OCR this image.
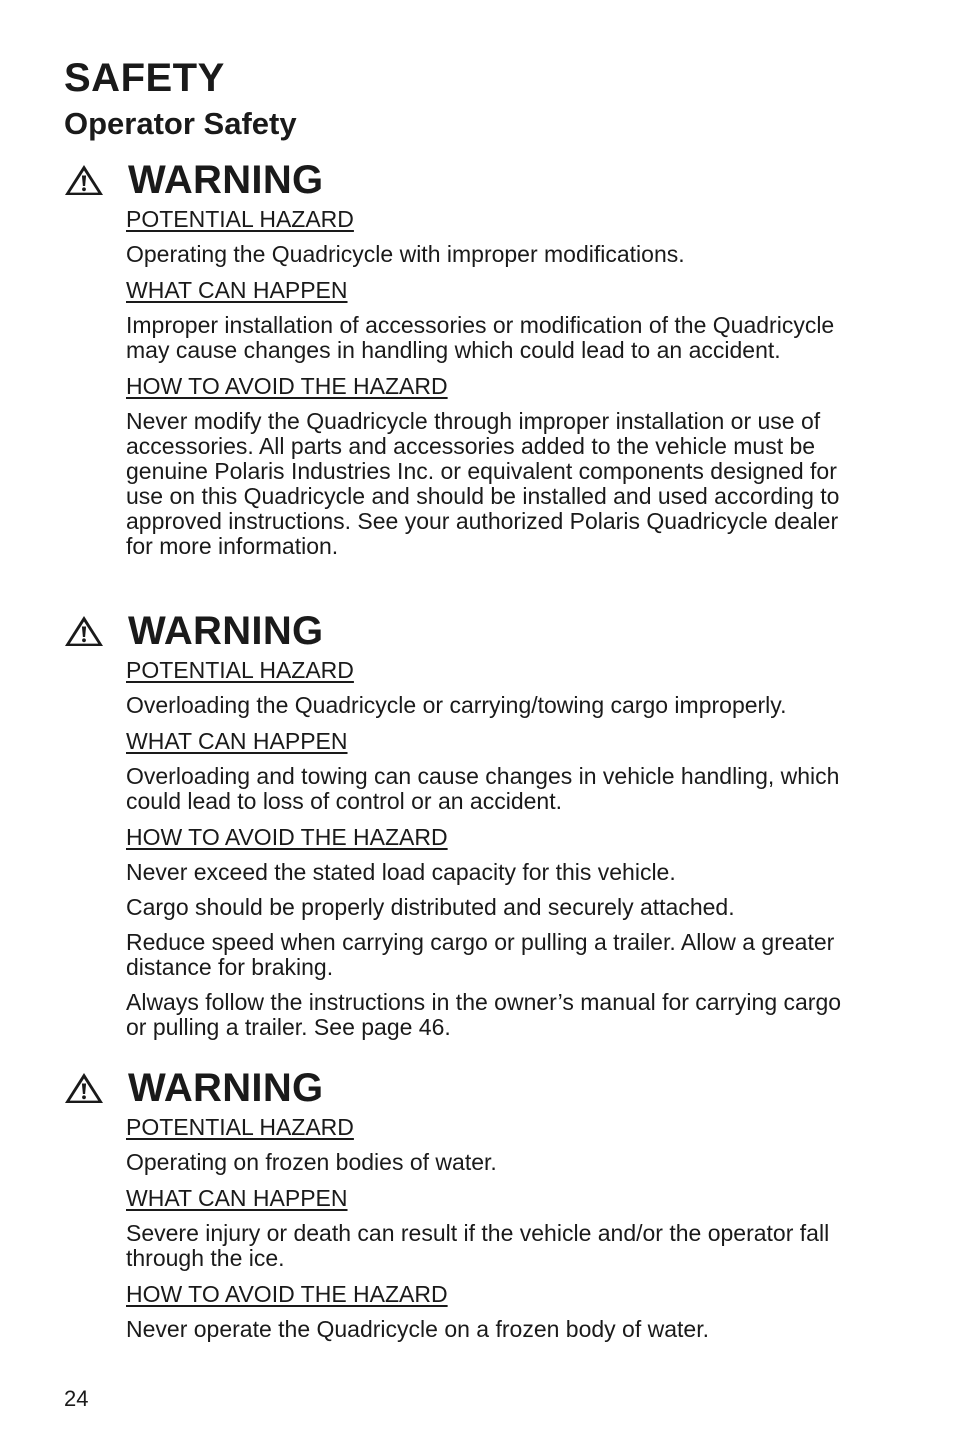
SAFETY
Operator Safety
WARNING

POTENTIAL HAZARD

Operating the Quadricycle with improper modifications.

WHAT CAN HAPPEN

Improper installation of accessories or modification of the Quadricycle may cause changes in handling which could lead to an accident.

HOW TO AVOID THE HAZARD

Never modify the Quadricycle through improper installation or use of accessories. All parts and accessories added to the vehicle must be genuine Polaris Industries Inc. or equivalent components designed for use on this Quadricycle and should be installed and used according to approved instructions. See your authorized Polaris Quadricycle dealer for more information.

WARNING

POTENTIAL HAZARD

Overloading the Quadricycle or carrying/towing cargo improperly.

WHAT CAN HAPPEN

Overloading and towing can cause changes in vehicle handling, which could lead to loss of control or an accident.

HOW TO AVOID THE HAZARD

Never exceed the stated load capacity for this vehicle.

Cargo should be properly distributed and securely attached.

Reduce speed when carrying cargo or pulling a trailer. Allow a greater distance for braking.

Always follow the instructions in the owner’s manual for carrying cargo or pulling a trailer. See page 46.

WARNING

POTENTIAL HAZARD

Operating on frozen bodies of water.

WHAT CAN HAPPEN

Severe injury or death can result if the vehicle and/or the operator fall through the ice.

HOW TO AVOID THE HAZARD

Never operate the Quadricycle on a frozen body of water.

24
